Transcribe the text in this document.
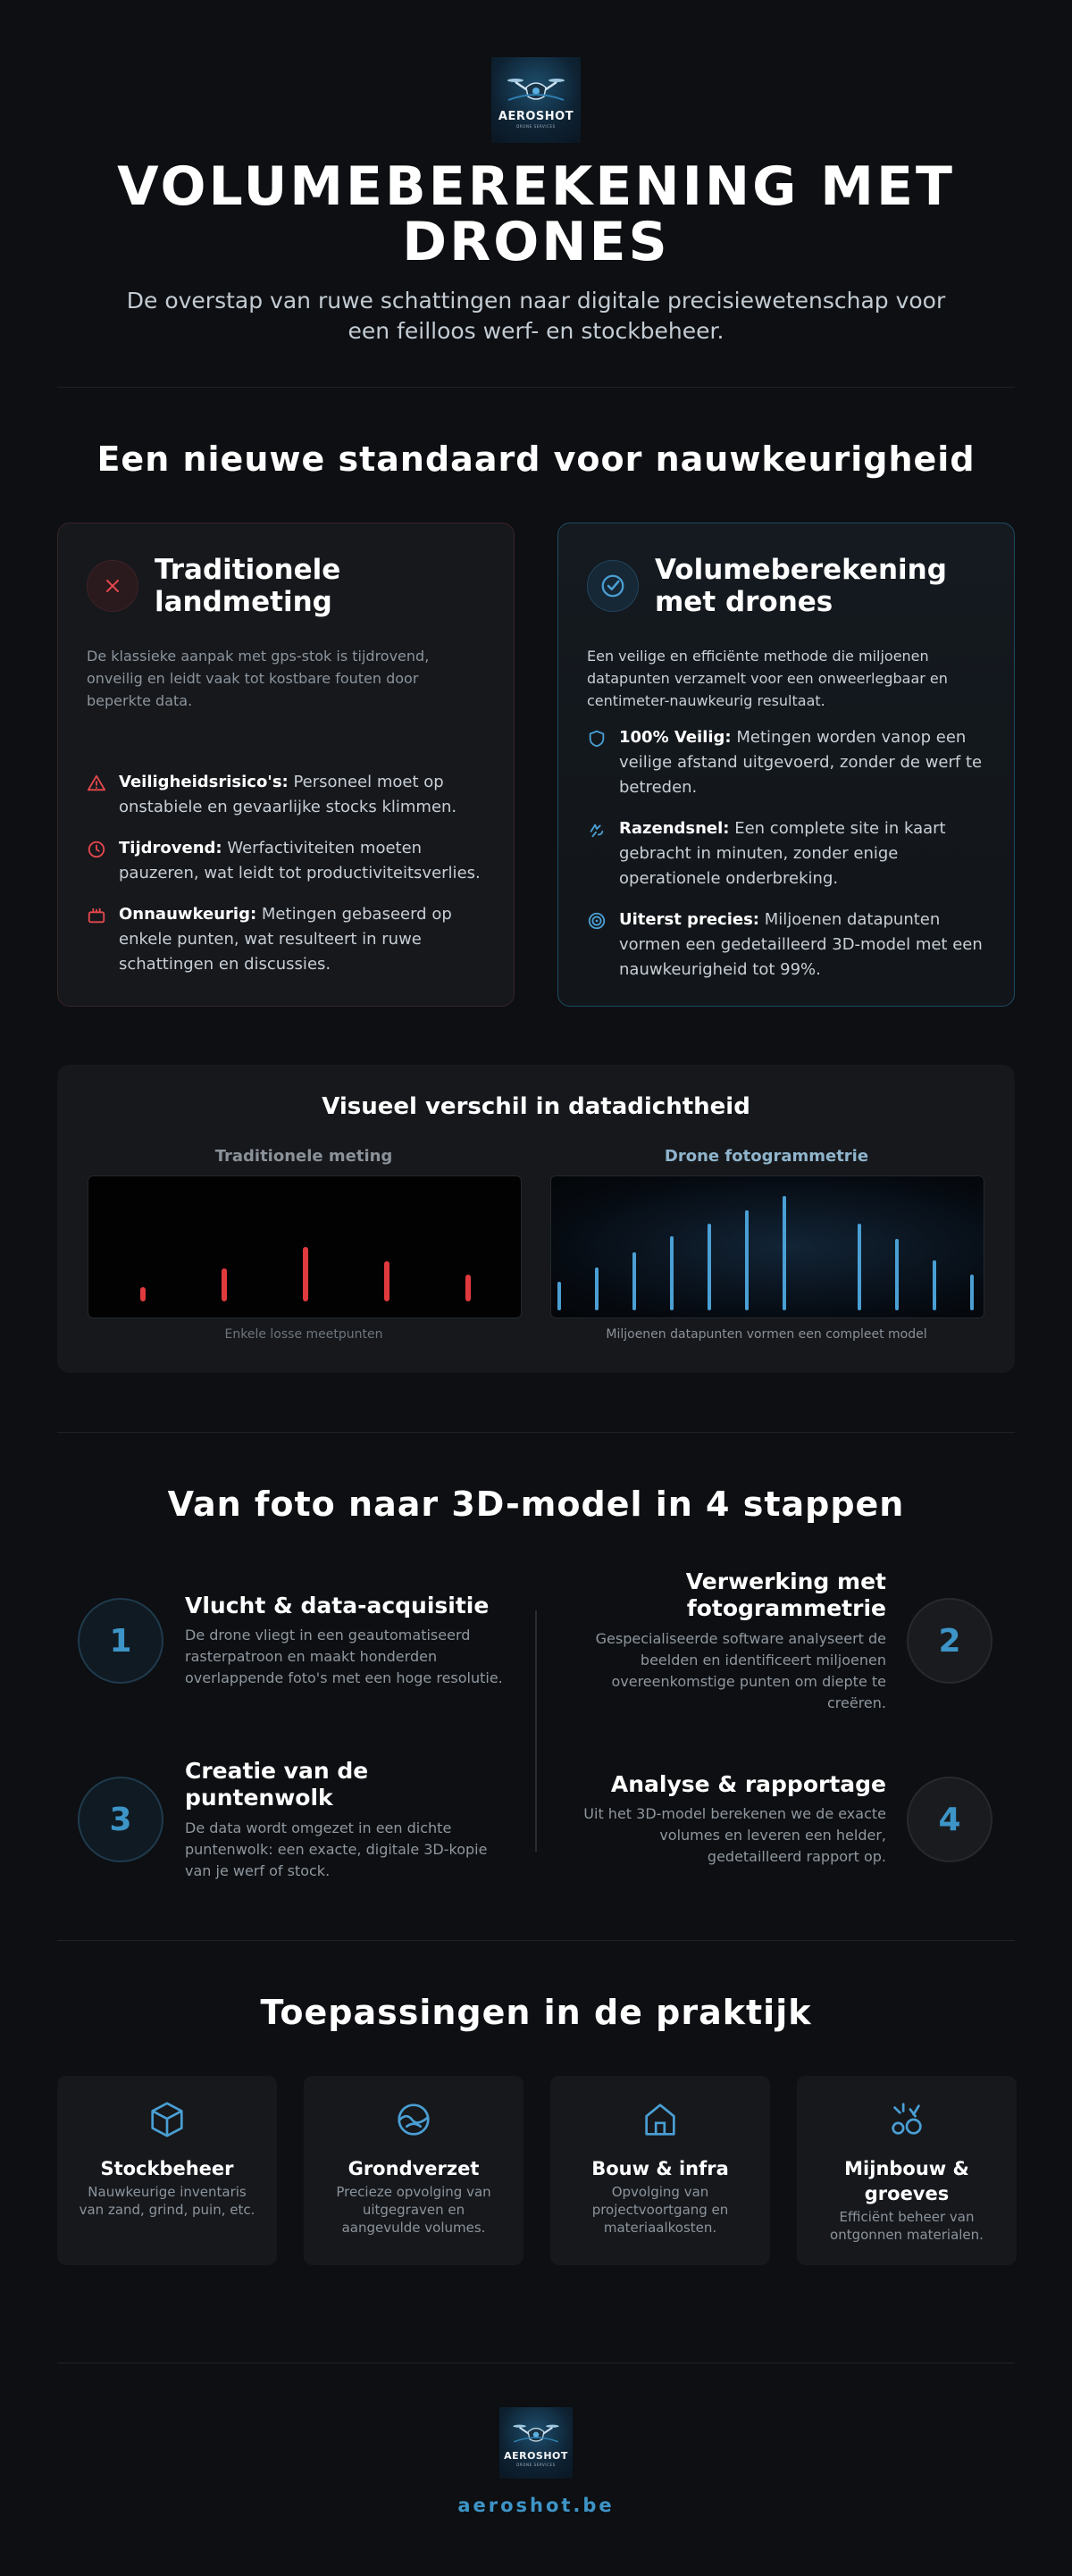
AEROSHOT
DRONE SERVICES
VOLUMEBEREKENING MET DRONES

De overstap van ruwe schattingen naar digitale precisiewetenschap voor een feilloos werf- en stockbeheer.

Een nieuwe standaard voor nauwkeurigheid
Traditionele landmeting

De klassieke aanpak met gps-stok is tijdrovend, onveilig en leidt vaak tot kostbare fouten door beperkte data.

Veiligheidsrisico's: Personeel moet op onstabiele en gevaarlijke stocks klimmen.
Tijdrovend: Werfactiviteiten moeten pauzeren, wat leidt tot productiviteitsverlies.
Onnauwkeurig: Metingen gebaseerd op enkele punten, wat resulteert in ruwe schattingen en discussies.
Volumeberekening met drones

Een veilige en efficiënte methode die miljoenen datapunten verzamelt voor een onweerlegbaar en centimeter-nauwkeurig resultaat.

100% Veilig: Metingen worden vanop een veilige afstand uitgevoerd, zonder de werf te betreden.
Razendsnel: Een complete site in kaart gebracht in minuten, zonder enige operationele onderbreking.
Uiterst precies: Miljoenen datapunten vormen een gedetailleerd 3D-model met een nauwkeurigheid tot 99%.
Visueel verschil in datadichtheid
Traditionele meting	Drone fotogrammetrie
Enkele losse meetpunten	Miljoenen datapunten vormen een compleet model
Van foto naar 3D-model in 4 stappen
1
Vlucht & data-acquisitie
De drone vliegt in een geautomatiseerd rasterpatroon en maakt honderden overlappende foto's met een hoge resolutie.
2
Verwerking met fotogrammetrie
Gespecialiseerde software analyseert de beelden en identificeert miljoenen overeenkomstige punten om diepte te creëren.
3
Creatie van de puntenwolk
De data wordt omgezet in een dichte puntenwolk: een exacte, digitale 3D-kopie van je werf of stock.
4
Analyse & rapportage
Uit het 3D-model berekenen we de exacte volumes en leveren een helder, gedetailleerd rapport op.
Toepassingen in de praktijk
Stockbeheer
Nauwkeurige inventaris van zand, grind, puin, etc.
Grondverzet
Precieze opvolging van uitgegraven en aangevulde volumes.
Bouw & infra
Opvolging van projectvoortgang en materiaalkosten.
Mijnbouw & groeves
Efficiënt beheer van ontgonnen materialen.
AEROSHOT
DRONE SERVICES
aeroshot.be
